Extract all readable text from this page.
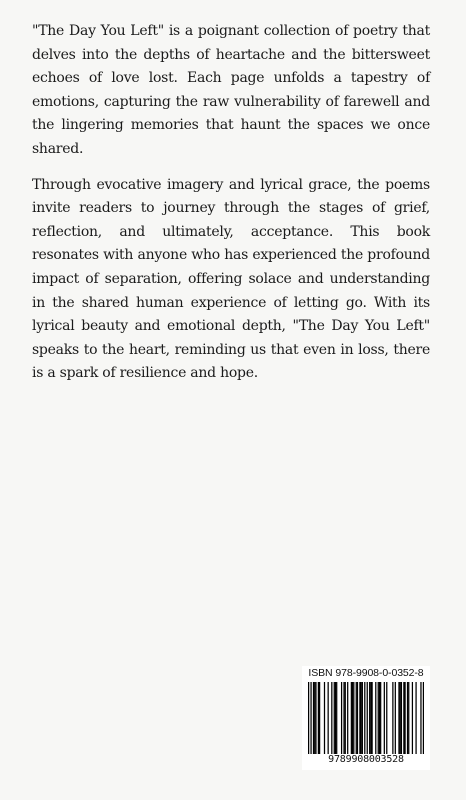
"The Day You Left" is a poignant collection of poetry that delves into the depths of heartache and the bittersweet echoes of love lost. Each page unfolds a tapestry of emotions, capturing the raw vulnerability of farewell and the lingering memories that haunt the spaces we once shared.

Through evocative imagery and lyrical grace, the poems invite readers to journey through the stages of grief, reflection, and ultimately, acceptance. This book resonates with anyone who has experienced the profound impact of separation, offering solace and understanding in the shared human experience of letting go. With its lyrical beauty and emotional depth, "The Day You Left" speaks to the heart, reminding us that even in loss, there is a spark of resilience and hope.

ISBN 978-9908-0-0352-8
9789908003528
